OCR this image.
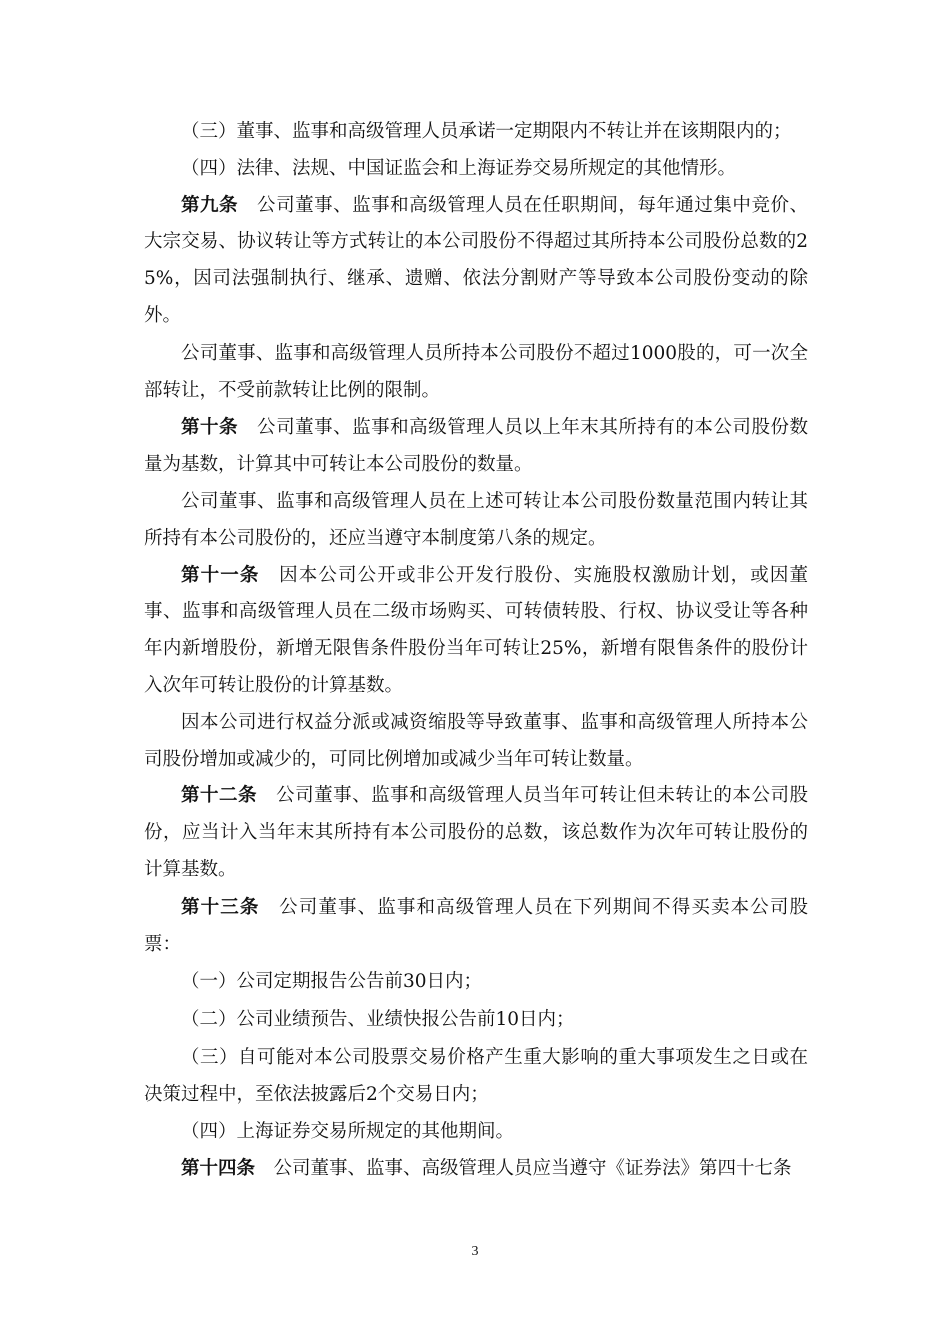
（三）董事、监事和高级管理人员承诺一定期限内不转让并在该期限内的；

（四）法律、法规、中国证监会和上海证券交易所规定的其他情形。

第九条　公司董事、监事和高级管理人员在任职期间，每年通过集中竞价、大宗交易、协议转让等方式转让的本公司股份不得超过其所持本公司股份总数的25%，因司法强制执行、继承、遗赠、依法分割财产等导致本公司股份变动的除外。

公司董事、监事和高级管理人员所持本公司股份不超过1000股的，可一次全部转让，不受前款转让比例的限制。

第十条　公司董事、监事和高级管理人员以上年末其所持有的本公司股份数量为基数，计算其中可转让本公司股份的数量。

公司董事、监事和高级管理人员在上述可转让本公司股份数量范围内转让其所持有本公司股份的，还应当遵守本制度第八条的规定。

第十一条　因本公司公开或非公开发行股份、实施股权激励计划，或因董事、监事和高级管理人员在二级市场购买、可转债转股、行权、协议受让等各种年内新增股份，新增无限售条件股份当年可转让25%，新增有限售条件的股份计入次年可转让股份的计算基数。

因本公司进行权益分派或减资缩股等导致董事、监事和高级管理人所持本公司股份增加或减少的，可同比例增加或减少当年可转让数量。

第十二条　公司董事、监事和高级管理人员当年可转让但未转让的本公司股份，应当计入当年末其所持有本公司股份的总数，该总数作为次年可转让股份的计算基数。

第十三条　公司董事、监事和高级管理人员在下列期间不得买卖本公司股票：

（一）公司定期报告公告前30日内；

（二）公司业绩预告、业绩快报公告前10日内；

（三）自可能对本公司股票交易价格产生重大影响的重大事项发生之日或在决策过程中，至依法披露后2个交易日内；

（四）上海证券交易所规定的其他期间。

第十四条　公司董事、监事、高级管理人员应当遵守《证券法》第四十七条

3
